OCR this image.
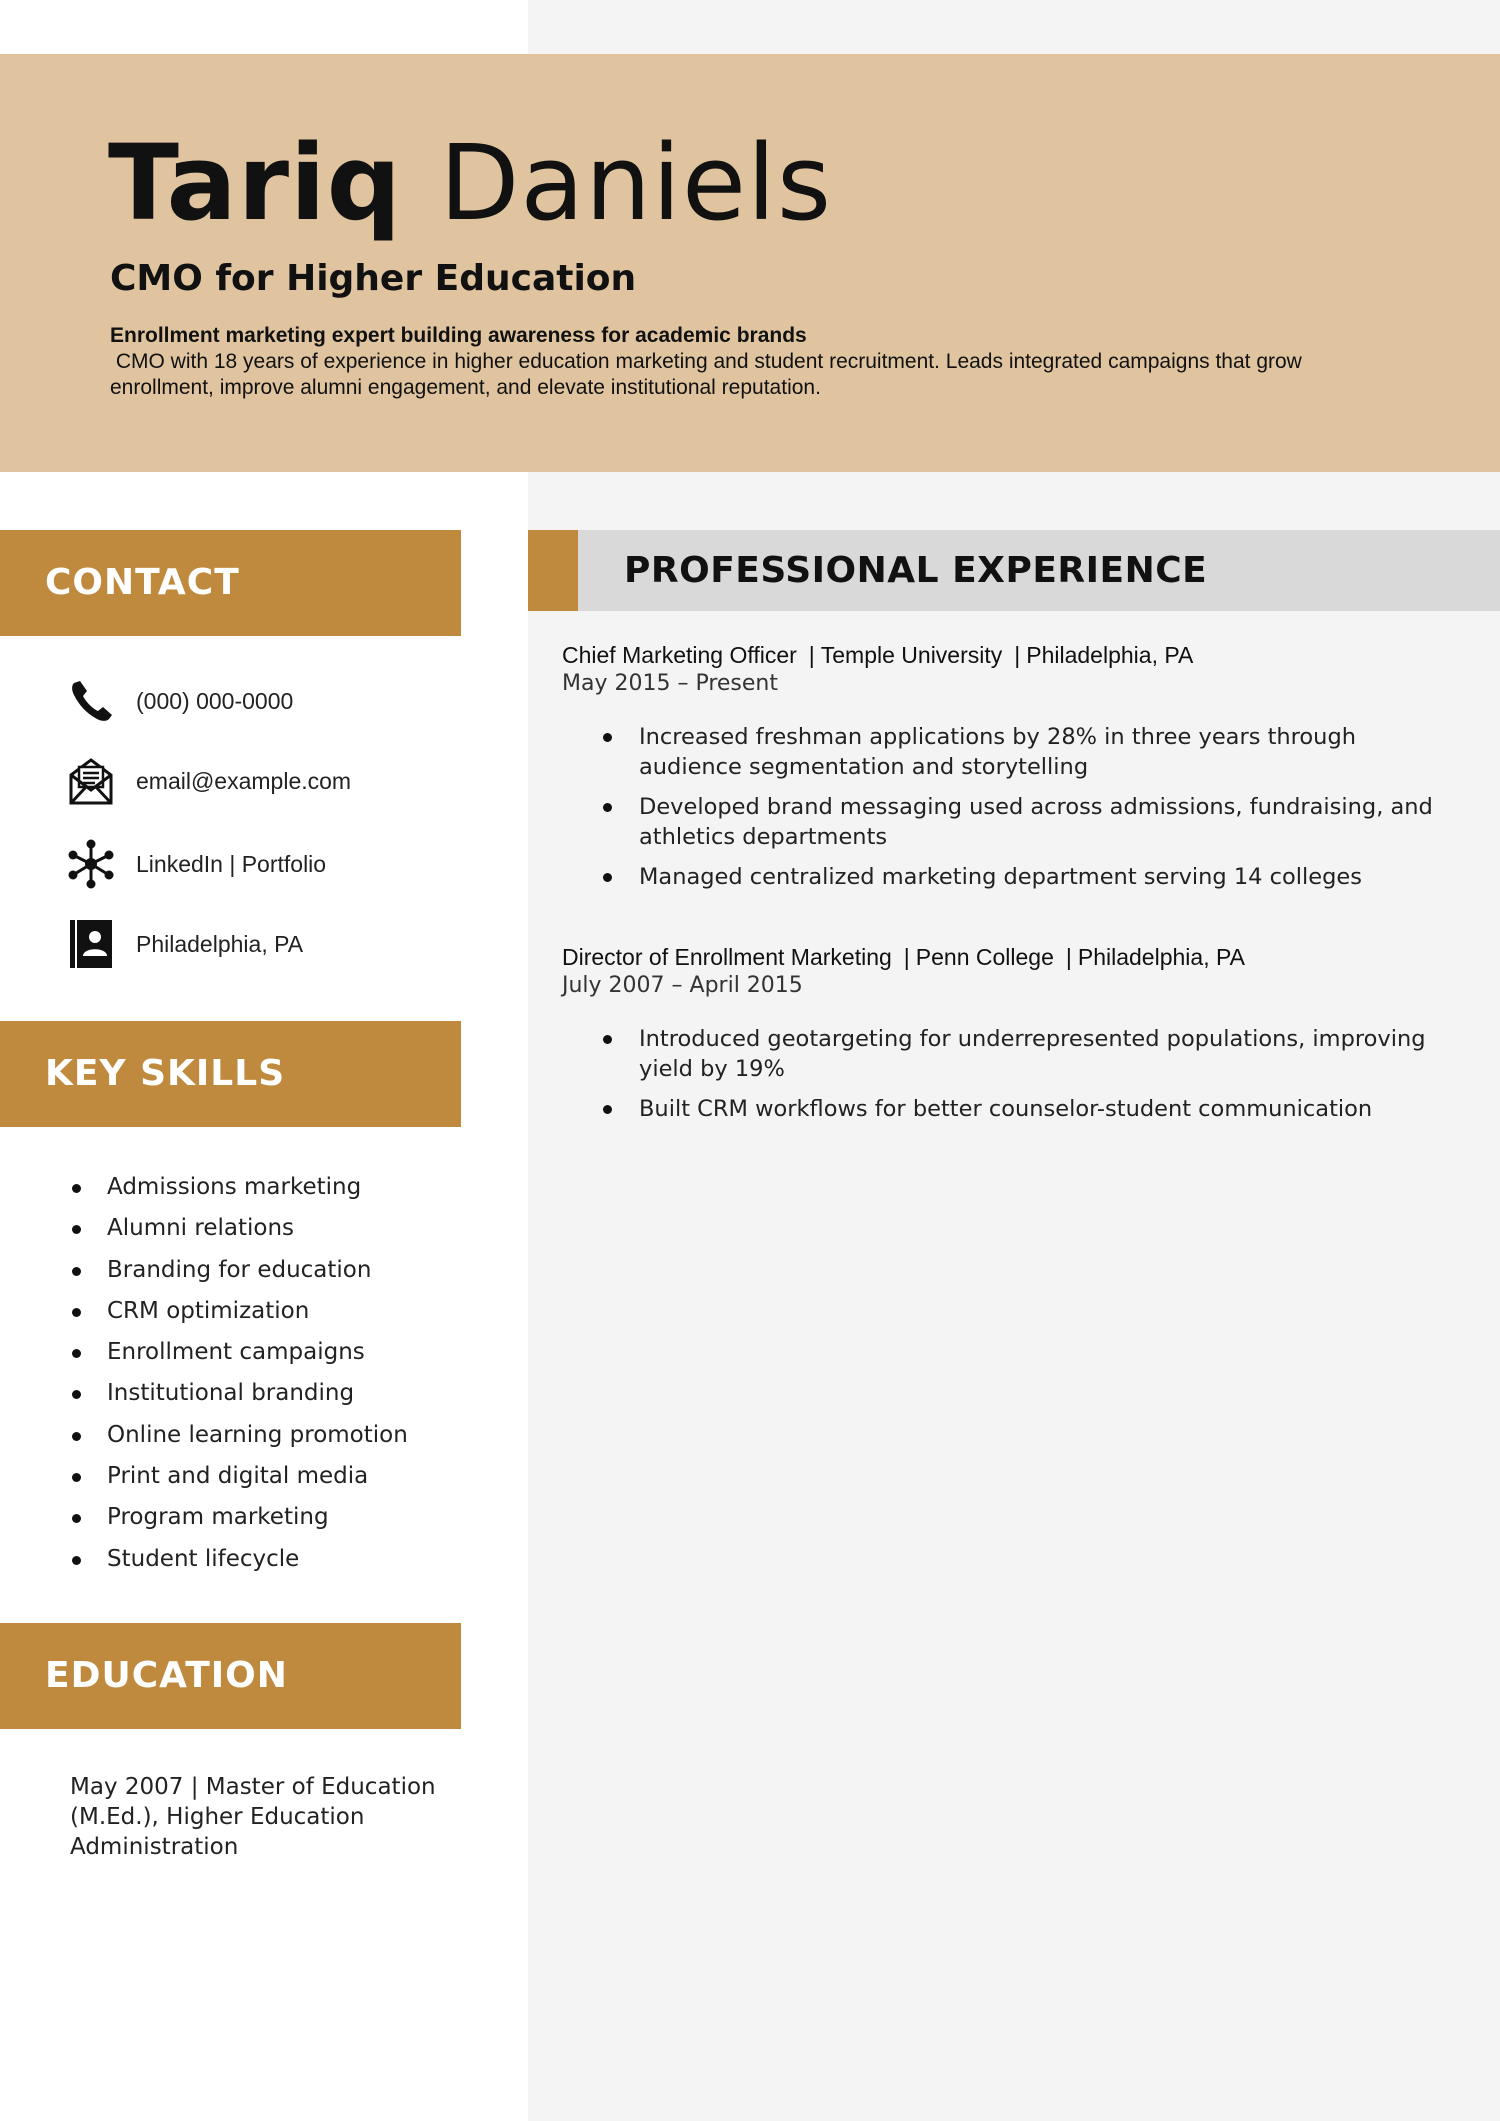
Tariq Daniels
CMO for Higher Education
Enrollment marketing expert building awareness for academic brands
CMO with 18 years of experience in higher education marketing and student recruitment. Leads integrated campaigns that grow enrollment, improve alumni engagement, and elevate institutional reputation.
CONTACT
(000) 000-0000
email@example.com
LinkedIn | Portfolio
Philadelphia, PA
KEY SKILLS
Admissions marketing
Alumni relations
Branding for education
CRM optimization
Enrollment campaigns
Institutional branding
Online learning promotion
Print and digital media
Program marketing
Student lifecycle
EDUCATION
May 2007 | Master of Education (M.Ed.), Higher Education Administration
PROFESSIONAL EXPERIENCE
Chief Marketing Officer | Temple University | Philadelphia, PA
May 2015 – Present
Increased freshman applications by 28% in three years through audience segmentation and storytelling
Developed brand messaging used across admissions, fundraising, and athletics departments
Managed centralized marketing department serving 14 colleges
Director of Enrollment Marketing | Penn College | Philadelphia, PA
July 2007 – April 2015
Introduced geotargeting for underrepresented populations, improving yield by 19%
Built CRM workflows for better counselor-student communication
